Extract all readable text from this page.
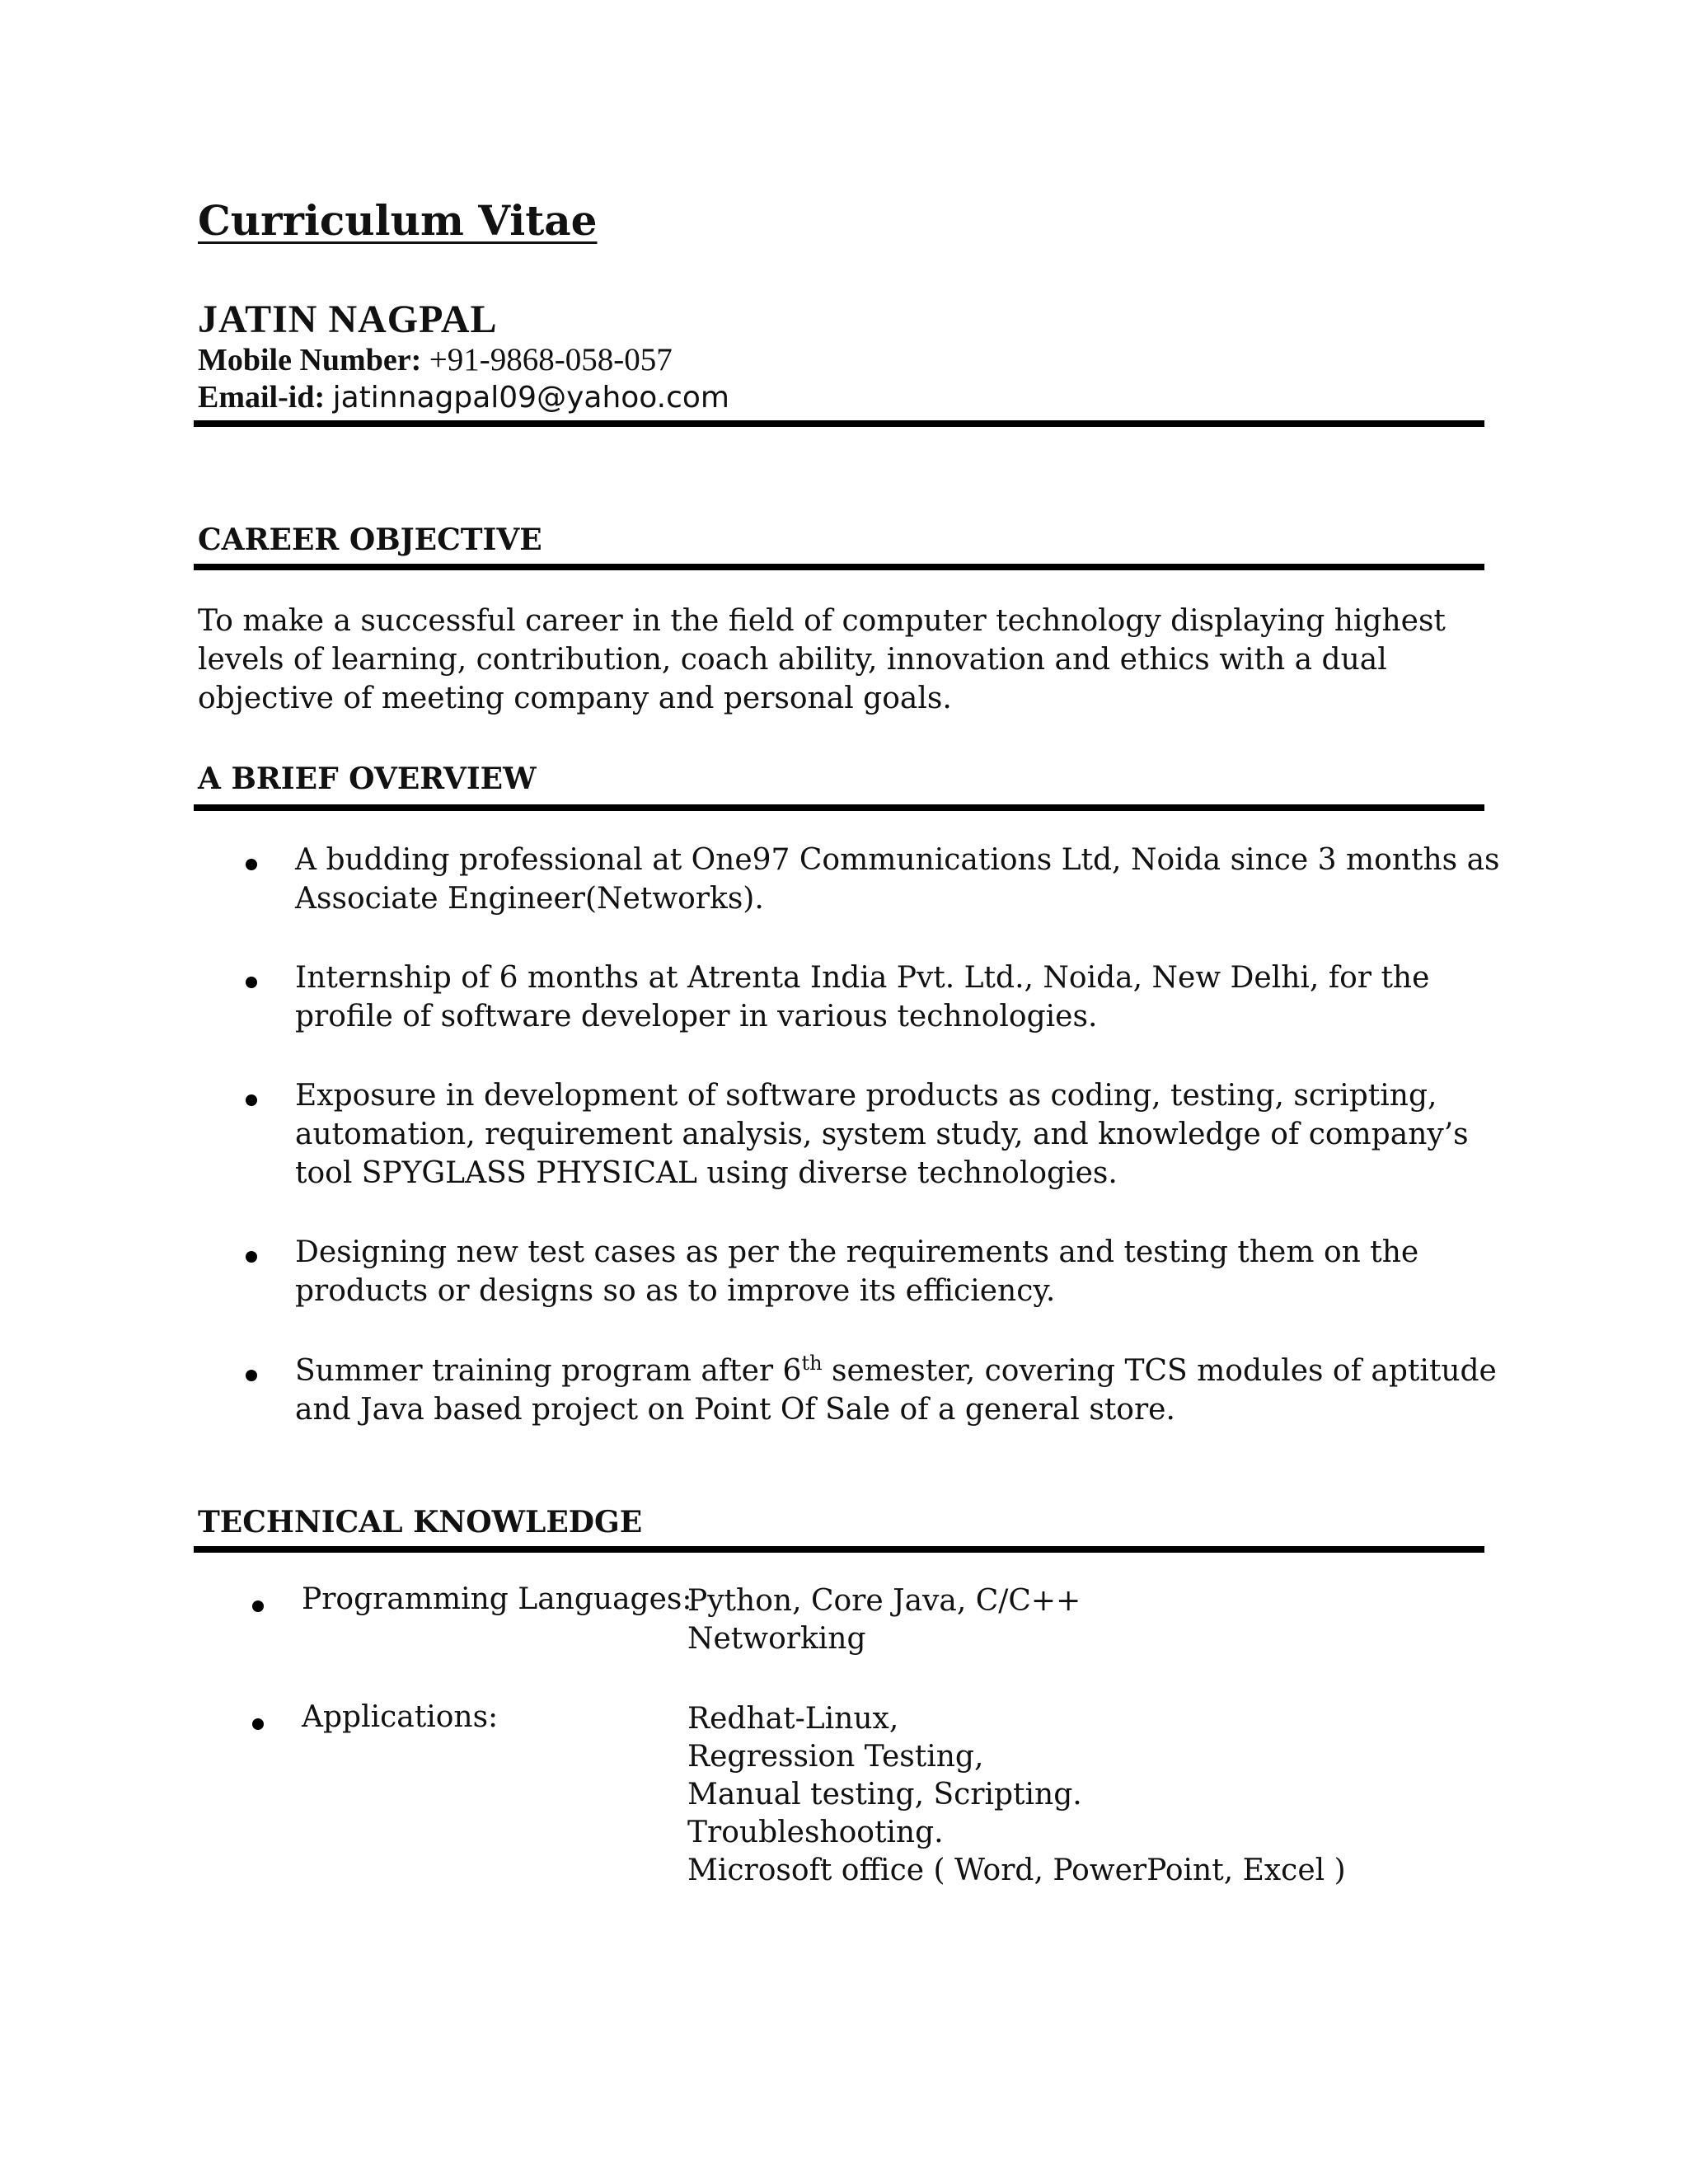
Curriculum Vitae
JATIN NAGPAL
Mobile Number: +91-9868-058-057
Email-id: jatinnagpal09@yahoo.com
CAREER OBJECTIVE
To make a successful career in the field of computer technology displaying highest levels of learning, contribution, coach ability, innovation and ethics with a dual objective of meeting company and personal goals.
A BRIEF OVERVIEW
A budding professional at One97 Communications Ltd, Noida since 3 months as Associate Engineer(Networks).
Internship of 6 months at Atrenta India Pvt. Ltd., Noida, New Delhi, for the profile of software developer in various technologies.
Exposure in development of software products as coding, testing, scripting, automation, requirement analysis, system study, and knowledge of company’s tool SPYGLASS PHYSICAL using diverse technologies.
Designing new test cases as per the requirements and testing them on the products or designs so as to improve its efficiency.
Summer training program after 6th semester, covering TCS modules of aptitude and Java based project on Point Of Sale of a general store.
TECHNICAL KNOWLEDGE
Programming Languages:
Python, Core Java, C/C++
Networking
Applications:	Redhat-Linux,
Regression Testing,
Manual testing, Scripting.
Troubleshooting.
Microsoft office ( Word, PowerPoint, Excel )
